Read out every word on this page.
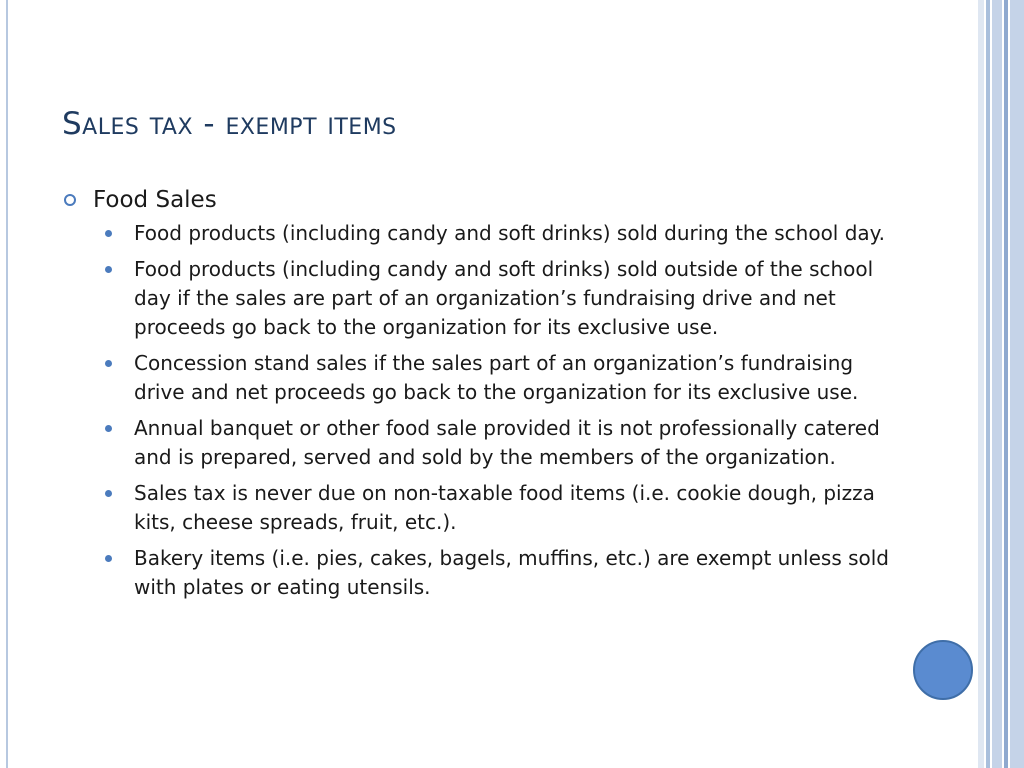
Sales tax - exempt items
Food Sales
Food products (including candy and soft drinks) sold during the school day.
Food products (including candy and soft drinks) sold outside of the school day if the sales are part of an organization’s fundraising drive and net proceeds go back to the organization for its exclusive use.
Concession stand sales if the sales part of an organization’s fundraising drive and net proceeds go back to the organization for its exclusive use.
Annual banquet or other food sale provided it is not professionally catered and is prepared, served and sold by the members of the organization.
Sales tax is never due on non-taxable food items (i.e. cookie dough, pizza kits, cheese spreads, fruit, etc.).
Bakery items (i.e. pies, cakes, bagels, muffins, etc.) are exempt unless sold with plates or eating utensils.
